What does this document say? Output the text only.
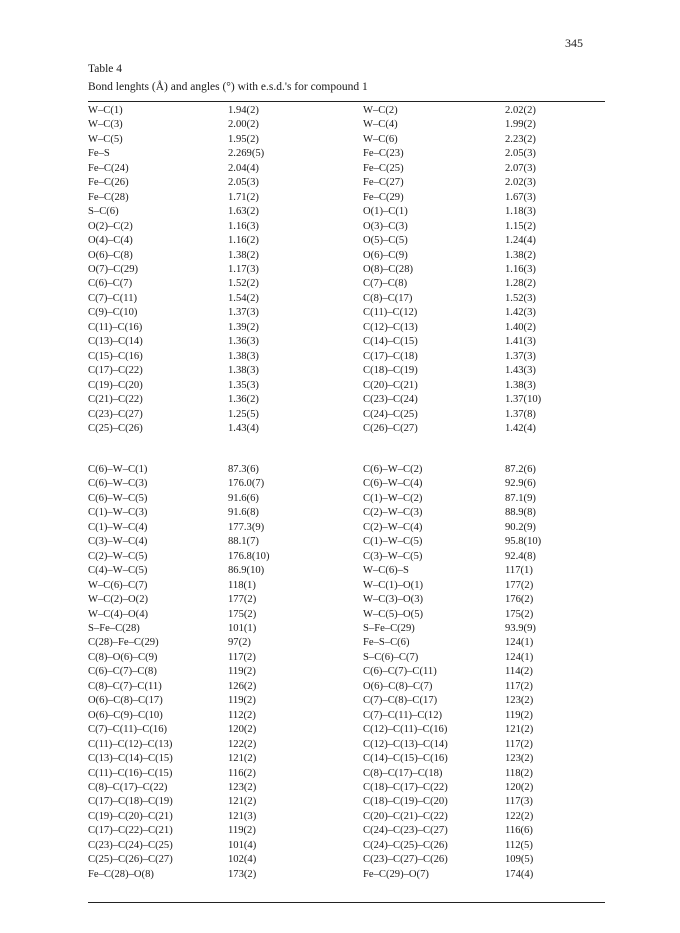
345
Table 4
Bond lenghts (Å) and angles (°) with e.s.d.'s for compound 1
W–C(1)	1.94(2)	W–C(2)	2.02(2)
W–C(3)	2.00(2)	W–C(4)	1.99(2)
W–C(5)	1.95(2)	W–C(6)	2.23(2)
Fe–S	2.269(5)	Fe–C(23)	2.05(3)
Fe–C(24)	2.04(4)	Fe–C(25)	2.07(3)
Fe–C(26)	2.05(3)	Fe–C(27)	2.02(3)
Fe–C(28)	1.71(2)	Fe–C(29)	1.67(3)
S–C(6)	1.63(2)	O(1)–C(1)	1.18(3)
O(2)–C(2)	1.16(3)	O(3)–C(3)	1.15(2)
O(4)–C(4)	1.16(2)	O(5)–C(5)	1.24(4)
O(6)–C(8)	1.38(2)	O(6)–C(9)	1.38(2)
O(7)–C(29)	1.17(3)	O(8)–C(28)	1.16(3)
C(6)–C(7)	1.52(2)	C(7)–C(8)	1.28(2)
C(7)–C(11)	1.54(2)	C(8)–C(17)	1.52(3)
C(9)–C(10)	1.37(3)	C(11)–C(12)	1.42(3)
C(11)–C(16)	1.39(2)	C(12)–C(13)	1.40(2)
C(13)–C(14)	1.36(3)	C(14)–C(15)	1.41(3)
C(15)–C(16)	1.38(3)	C(17)–C(18)	1.37(3)
C(17)–C(22)	1.38(3)	C(18)–C(19)	1.43(3)
C(19)–C(20)	1.35(3)	C(20)–C(21)	1.38(3)
C(21)–C(22)	1.36(2)	C(23)–C(24)	1.37(10)
C(23)–C(27)	1.25(5)	C(24)–C(25)	1.37(8)
C(25)–C(26)	1.43(4)	C(26)–C(27)	1.42(4)
C(6)–W–C(1)	87.3(6)	C(6)–W–C(2)	87.2(6)
C(6)–W–C(3)	176.0(7)	C(6)–W–C(4)	92.9(6)
C(6)–W–C(5)	91.6(6)	C(1)–W–C(2)	87.1(9)
C(1)–W–C(3)	91.6(8)	C(2)–W–C(3)	88.9(8)
C(1)–W–C(4)	177.3(9)	C(2)–W–C(4)	90.2(9)
C(3)–W–C(4)	88.1(7)	C(1)–W–C(5)	95.8(10)
C(2)–W–C(5)	176.8(10)	C(3)–W–C(5)	92.4(8)
C(4)–W–C(5)	86.9(10)	W–C(6)–S	117(1)
W–C(6)–C(7)	118(1)	W–C(1)–O(1)	177(2)
W–C(2)–O(2)	177(2)	W–C(3)–O(3)	176(2)
W–C(4)–O(4)	175(2)	W–C(5)–O(5)	175(2)
S–Fe–C(28)	101(1)	S–Fe–C(29)	93.9(9)
C(28)–Fe–C(29)	97(2)	Fe–S–C(6)	124(1)
C(8)–O(6)–C(9)	117(2)	S–C(6)–C(7)	124(1)
C(6)–C(7)–C(8)	119(2)	C(6)–C(7)–C(11)	114(2)
C(8)–C(7)–C(11)	126(2)	O(6)–C(8)–C(7)	117(2)
O(6)–C(8)–C(17)	119(2)	C(7)–C(8)–C(17)	123(2)
O(6)–C(9)–C(10)	112(2)	C(7)–C(11)–C(12)	119(2)
C(7)–C(11)–C(16)	120(2)	C(12)–C(11)–C(16)	121(2)
C(11)–C(12)–C(13)	122(2)	C(12)–C(13)–C(14)	117(2)
C(13)–C(14)–C(15)	121(2)	C(14)–C(15)–C(16)	123(2)
C(11)–C(16)–C(15)	116(2)	C(8)–C(17)–C(18)	118(2)
C(8)–C(17)–C(22)	123(2)	C(18)–C(17)–C(22)	120(2)
C(17)–C(18)–C(19)	121(2)	C(18)–C(19)–C(20)	117(3)
C(19)–C(20)–C(21)	121(3)	C(20)–C(21)–C(22)	122(2)
C(17)–C(22)–C(21)	119(2)	C(24)–C(23)–C(27)	116(6)
C(23)–C(24)–C(25)	101(4)	C(24)–C(25)–C(26)	112(5)
C(25)–C(26)–C(27)	102(4)	C(23)–C(27)–C(26)	109(5)
Fe–C(28)–O(8)	173(2)	Fe–C(29)–O(7)	174(4)
